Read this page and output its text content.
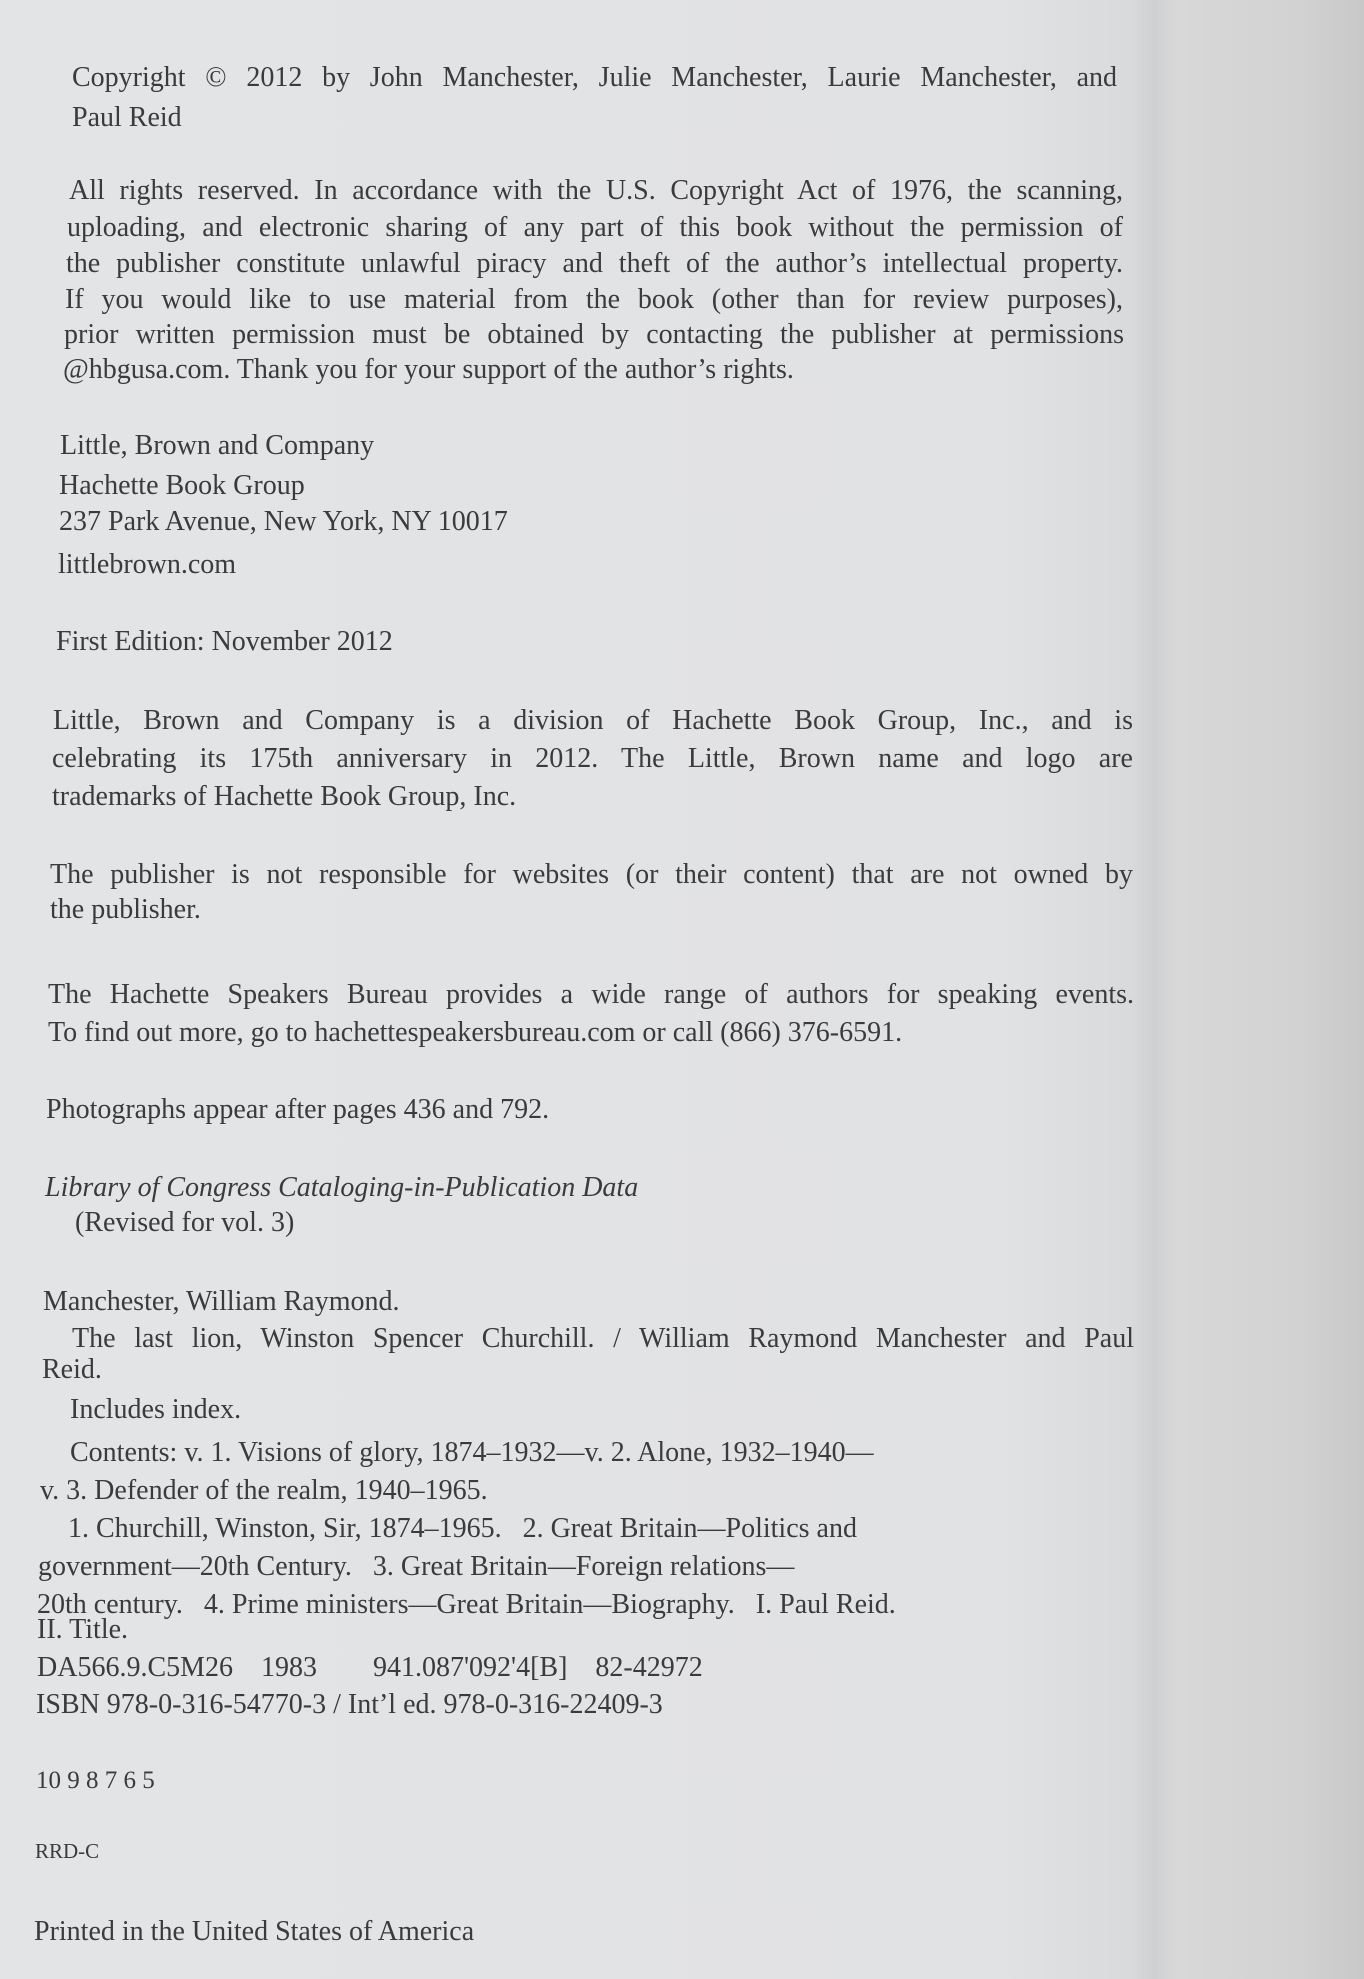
Copyright © 2012 by John Manchester, Julie Manchester, Laurie Manchester, and
Paul Reid
All rights reserved. In accordance with the U.S. Copyright Act of 1976, the scanning,
uploading, and electronic sharing of any part of this book without the permission of
the publisher constitute unlawful piracy and theft of the author’s intellectual property.
If you would like to use material from the book (other than for review purposes),
prior written permission must be obtained by contacting the publisher at permissions
@hbgusa.com. Thank you for your support of the author’s rights.
Little, Brown and Company
Hachette Book Group
237 Park Avenue, New York, NY 10017
littlebrown.com
First Edition: November 2012
Little, Brown and Company is a division of Hachette Book Group, Inc., and is
celebrating its 175th anniversary in 2012. The Little, Brown name and logo are
trademarks of Hachette Book Group, Inc.
The publisher is not responsible for websites (or their content) that are not owned by
the publisher.
The Hachette Speakers Bureau provides a wide range of authors for speaking events.
To find out more, go to hachettespeakersbureau.com or call (866) 376-6591.
Photographs appear after pages 436 and 792.
Library of Congress Cataloging-in-Publication Data
(Revised for vol. 3)
Manchester, William Raymond.
The last lion, Winston Spencer Churchill. / William Raymond Manchester and Paul
Reid.
Includes index.
Contents: v. 1. Visions of glory, 1874–1932—v. 2. Alone, 1932–1940—
v. 3. Defender of the realm, 1940–1965.
1. Churchill, Winston, Sir, 1874–1965.   2. Great Britain—Politics and
government—20th Century.   3. Great Britain—Foreign relations—
20th century.   4. Prime ministers—Great Britain—Biography.   I. Paul Reid.
II. Title.
DA566.9.C5M26    1983        941.087'092'4[B]    82-42972
ISBN 978-0-316-54770-3 / Int’l ed. 978-0-316-22409-3
10 9 8 7 6 5
RRD-C
Printed in the United States of America
